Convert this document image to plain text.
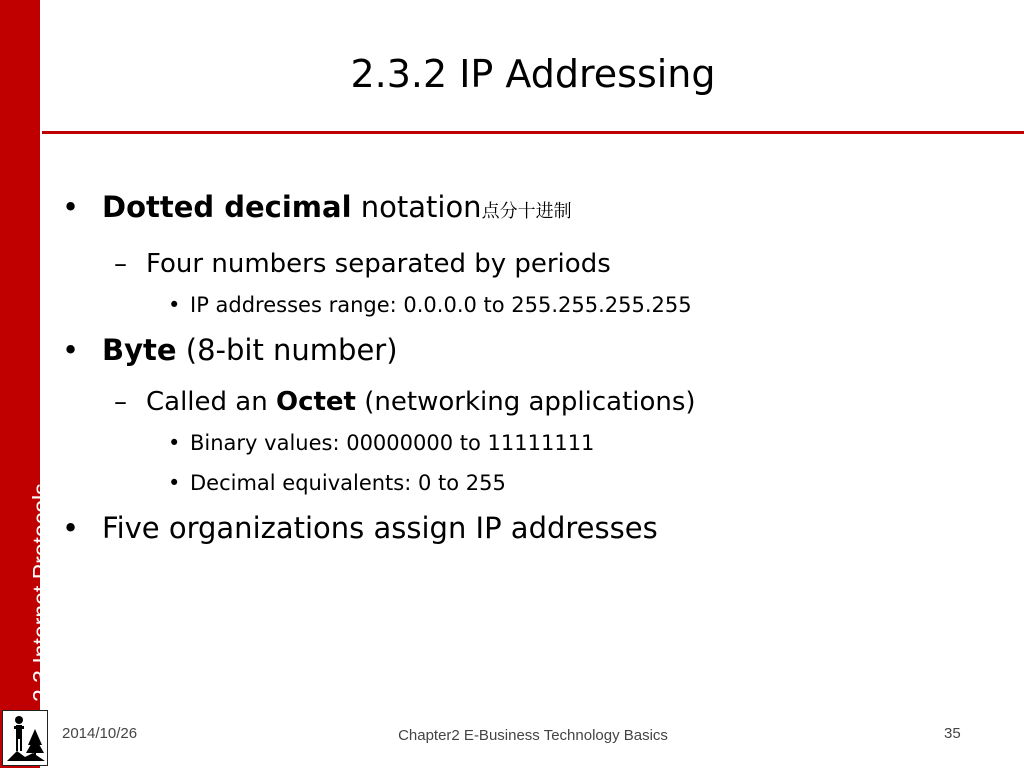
2.3 Internet Protocols
2.3.2 IP Addressing
• Dotted decimal notation点分十进制
– Four numbers separated by periods
• IP addresses range: 0.0.0.0 to 255.255.255.255
• Byte (8-bit number)
– Called an Octet (networking applications)
• Binary values: 00000000 to 11111111
• Decimal equivalents: 0 to 255
• Five organizations assign IP addresses
2014/10/26	Chapter2 E-Business Technology Basics	35
